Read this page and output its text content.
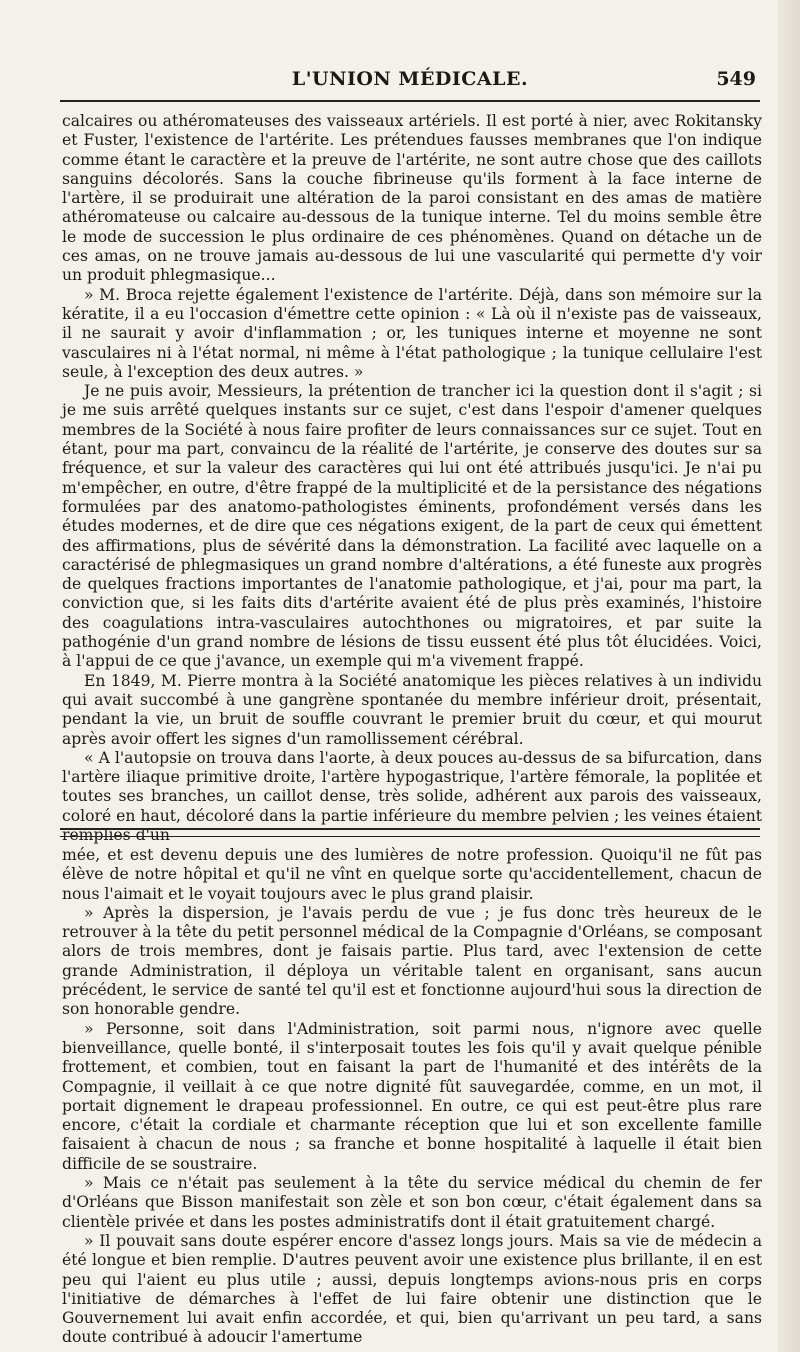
L'UNION MÉDICALE.	549

calcaires ou athéromateuses des vaisseaux artériels. Il est porté à nier, avec Rokitansky et Fuster, l'existence de l'artérite. Les prétendues fausses membranes que l'on indique comme étant le caractère et la preuve de l'artérite, ne sont autre chose que des caillots sanguins décolorés. Sans la couche fibrineuse qu'ils forment à la face interne de l'artère, il se produirait une altération de la paroi consistant en des amas de matière athéromateuse ou calcaire au-dessous de la tunique interne. Tel du moins semble être le mode de succession le plus ordinaire de ces phénomènes. Quand on détache un de ces amas, on ne trouve jamais au-dessous de lui une vascularité qui permette d'y voir un produit phlegmasique...

» M. Broca rejette également l'existence de l'artérite. Déjà, dans son mémoire sur la kératite, il a eu l'occasion d'émettre cette opinion : « Là où il n'existe pas de vaisseaux, il ne saurait y avoir d'inflammation ; or, les tuniques interne et moyenne ne sont vasculaires ni à l'état normal, ni même à l'état pathologique ; la tunique cellulaire l'est seule, à l'exception des deux autres. »

Je ne puis avoir, Messieurs, la prétention de trancher ici la question dont il s'agit ; si je me suis arrêté quelques instants sur ce sujet, c'est dans l'espoir d'amener quelques membres de la Société à nous faire profiter de leurs connaissances sur ce sujet. Tout en étant, pour ma part, convaincu de la réalité de l'artérite, je conserve des doutes sur sa fréquence, et sur la valeur des caractères qui lui ont été attribués jusqu'ici. Je n'ai pu m'empêcher, en outre, d'être frappé de la multiplicité et de la persistance des négations formulées par des anatomo-pathologistes éminents, profondément versés dans les études modernes, et de dire que ces négations exigent, de la part de ceux qui émettent des affirmations, plus de sévérité dans la démonstration. La facilité avec laquelle on a caractérisé de phlegmasiques un grand nombre d'altérations, a été funeste aux progrès de quelques fractions importantes de l'anatomie pathologique, et j'ai, pour ma part, la conviction que, si les faits dits d'artérite avaient été de plus près examinés, l'histoire des coagulations intra-vasculaires autochthones ou migratoires, et par suite la pathogénie d'un grand nombre de lésions de tissu eussent été plus tôt élucidées. Voici, à l'appui de ce que j'avance, un exemple qui m'a vivement frappé.

En 1849, M. Pierre montra à la Société anatomique les pièces relatives à un individu qui avait succombé à une gangrène spontanée du membre inférieur droit, présentait, pendant la vie, un bruit de souffle couvrant le premier bruit du cœur, et qui mourut après avoir offert les signes d'un ramollissement cérébral.

« A l'autopsie on trouva dans l'aorte, à deux pouces au-dessus de sa bifurcation, dans l'artère iliaque primitive droite, l'artère hypogastrique, l'artère fémorale, la poplitée et toutes ses branches, un caillot dense, très solide, adhérent aux parois des vaisseaux, coloré en haut, décoloré dans la partie inférieure du membre pelvien ; les veines étaient remplies d'un

mée, et est devenu depuis une des lumières de notre profession. Quoiqu'il ne fût pas élève de notre hôpital et qu'il ne vînt en quelque sorte qu'accidentellement, chacun de nous l'aimait et le voyait toujours avec le plus grand plaisir.

» Après la dispersion, je l'avais perdu de vue ; je fus donc très heureux de le retrouver à la tête du petit personnel médical de la Compagnie d'Orléans, se composant alors de trois membres, dont je faisais partie. Plus tard, avec l'extension de cette grande Administration, il déploya un véritable talent en organisant, sans aucun précédent, le service de santé tel qu'il est et fonctionne aujourd'hui sous la direction de son honorable gendre.

» Personne, soit dans l'Administration, soit parmi nous, n'ignore avec quelle bienveillance, quelle bonté, il s'interposait toutes les fois qu'il y avait quelque pénible frottement, et combien, tout en faisant la part de l'humanité et des intérêts de la Compagnie, il veillait à ce que notre dignité fût sauvegardée, comme, en un mot, il portait dignement le drapeau professionnel. En outre, ce qui est peut-être plus rare encore, c'était la cordiale et charmante réception que lui et son excellente famille faisaient à chacun de nous ; sa franche et bonne hospitalité à laquelle il était bien difficile de se soustraire.

» Mais ce n'était pas seulement à la tête du service médical du chemin de fer d'Orléans que Bisson manifestait son zèle et son bon cœur, c'était également dans sa clientèle privée et dans les postes administratifs dont il était gratuitement chargé.

» Il pouvait sans doute espérer encore d'assez longs jours. Mais sa vie de médecin a été longue et bien remplie. D'autres peuvent avoir une existence plus brillante, il en est peu qui l'aient eu plus utile ; aussi, depuis longtemps avions-nous pris en corps l'initiative de démarches à l'effet de lui faire obtenir une distinction que le Gouvernement lui avait enfin accordée, et qui, bien qu'arrivant un peu tard, a sans doute contribué à adoucir l'amertume
